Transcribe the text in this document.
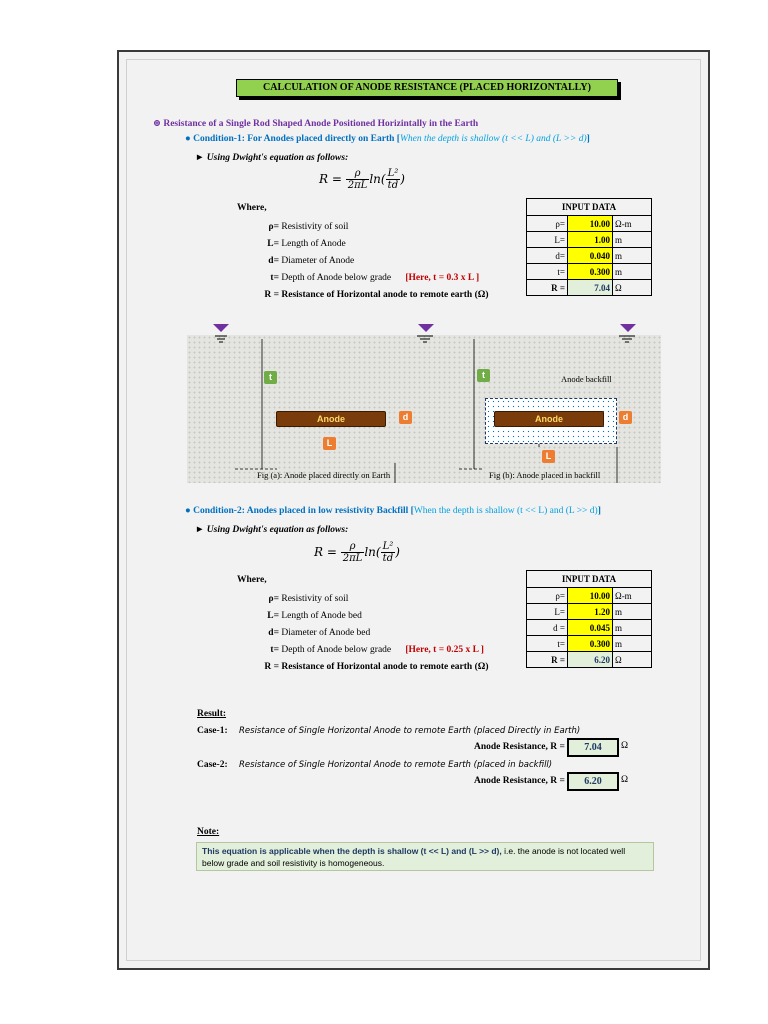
CALCULATION OF ANODE RESISTANCE (PLACED HORIZONTALLY)
⊛ Resistance of a Single Rod Shaped Anode Positioned Horizintally in the Earth
● Condition-1: For Anodes placed directly on Earth [When the depth is shallow (t << L) and (L >> d)]
► Using Dwight's equation as follows:
$R = \frac{\rho}{2\pi L} \ln( \frac{\text{L²}}{td}$ )
Where,
ρ= Resistivity of soil
L= Length of Anode
d= Diameter of Anode
t= Depth of Anode below grade [Here, t = 0.3 x L ]
R = Resistance of Horizontal anode to remote earth (Ω)
INPUT DATA		
ρ=	10.00	Ω-m
L=	1.00	m
d=	0.040	m
t=	0.300	m
R =	7.04	Ω
t
Anode	d
L
Fig (a): Anode placed directly on Earth
t	Anode backfill
Anode	d
L
Fig (b): Anode placed in backfill
● Condition-2: Anodes placed in low resistivity Backfill [When the depth is shallow (t << L) and (L >> d)]
► Using Dwight's equation as follows:
$R = \frac{\rho}{2\pi L} \ln( \frac{\text{L²}}{td}$ )
Where,
ρ= Resistivity of soil
L= Length of Anode bed
d= Diameter of Anode bed
t= Depth of Anode below grade [Here, t = 0.25 x L ]
R = Resistance of Horizontal anode to remote earth (Ω)
INPUT DATA		
ρ=	10.00	Ω-m
L=	1.20	m
d =	0.045	m
t=	0.300	m
R =	6.20	Ω
Result:
Case-1: Resistance of Single Horizontal Anode to remote Earth (placed Directly in Earth)
Anode Resistance, R =	7.04	Ω
Case-2: Resistance of Single Horizontal Anode to remote Earth (placed in backfill)
Anode Resistance, R =	6.20	Ω
Note:
This equation is applicable when the depth is shallow (t << L) and (L >> d), i.e. the anode is not located well below grade and soil resistivity is homogeneous.
